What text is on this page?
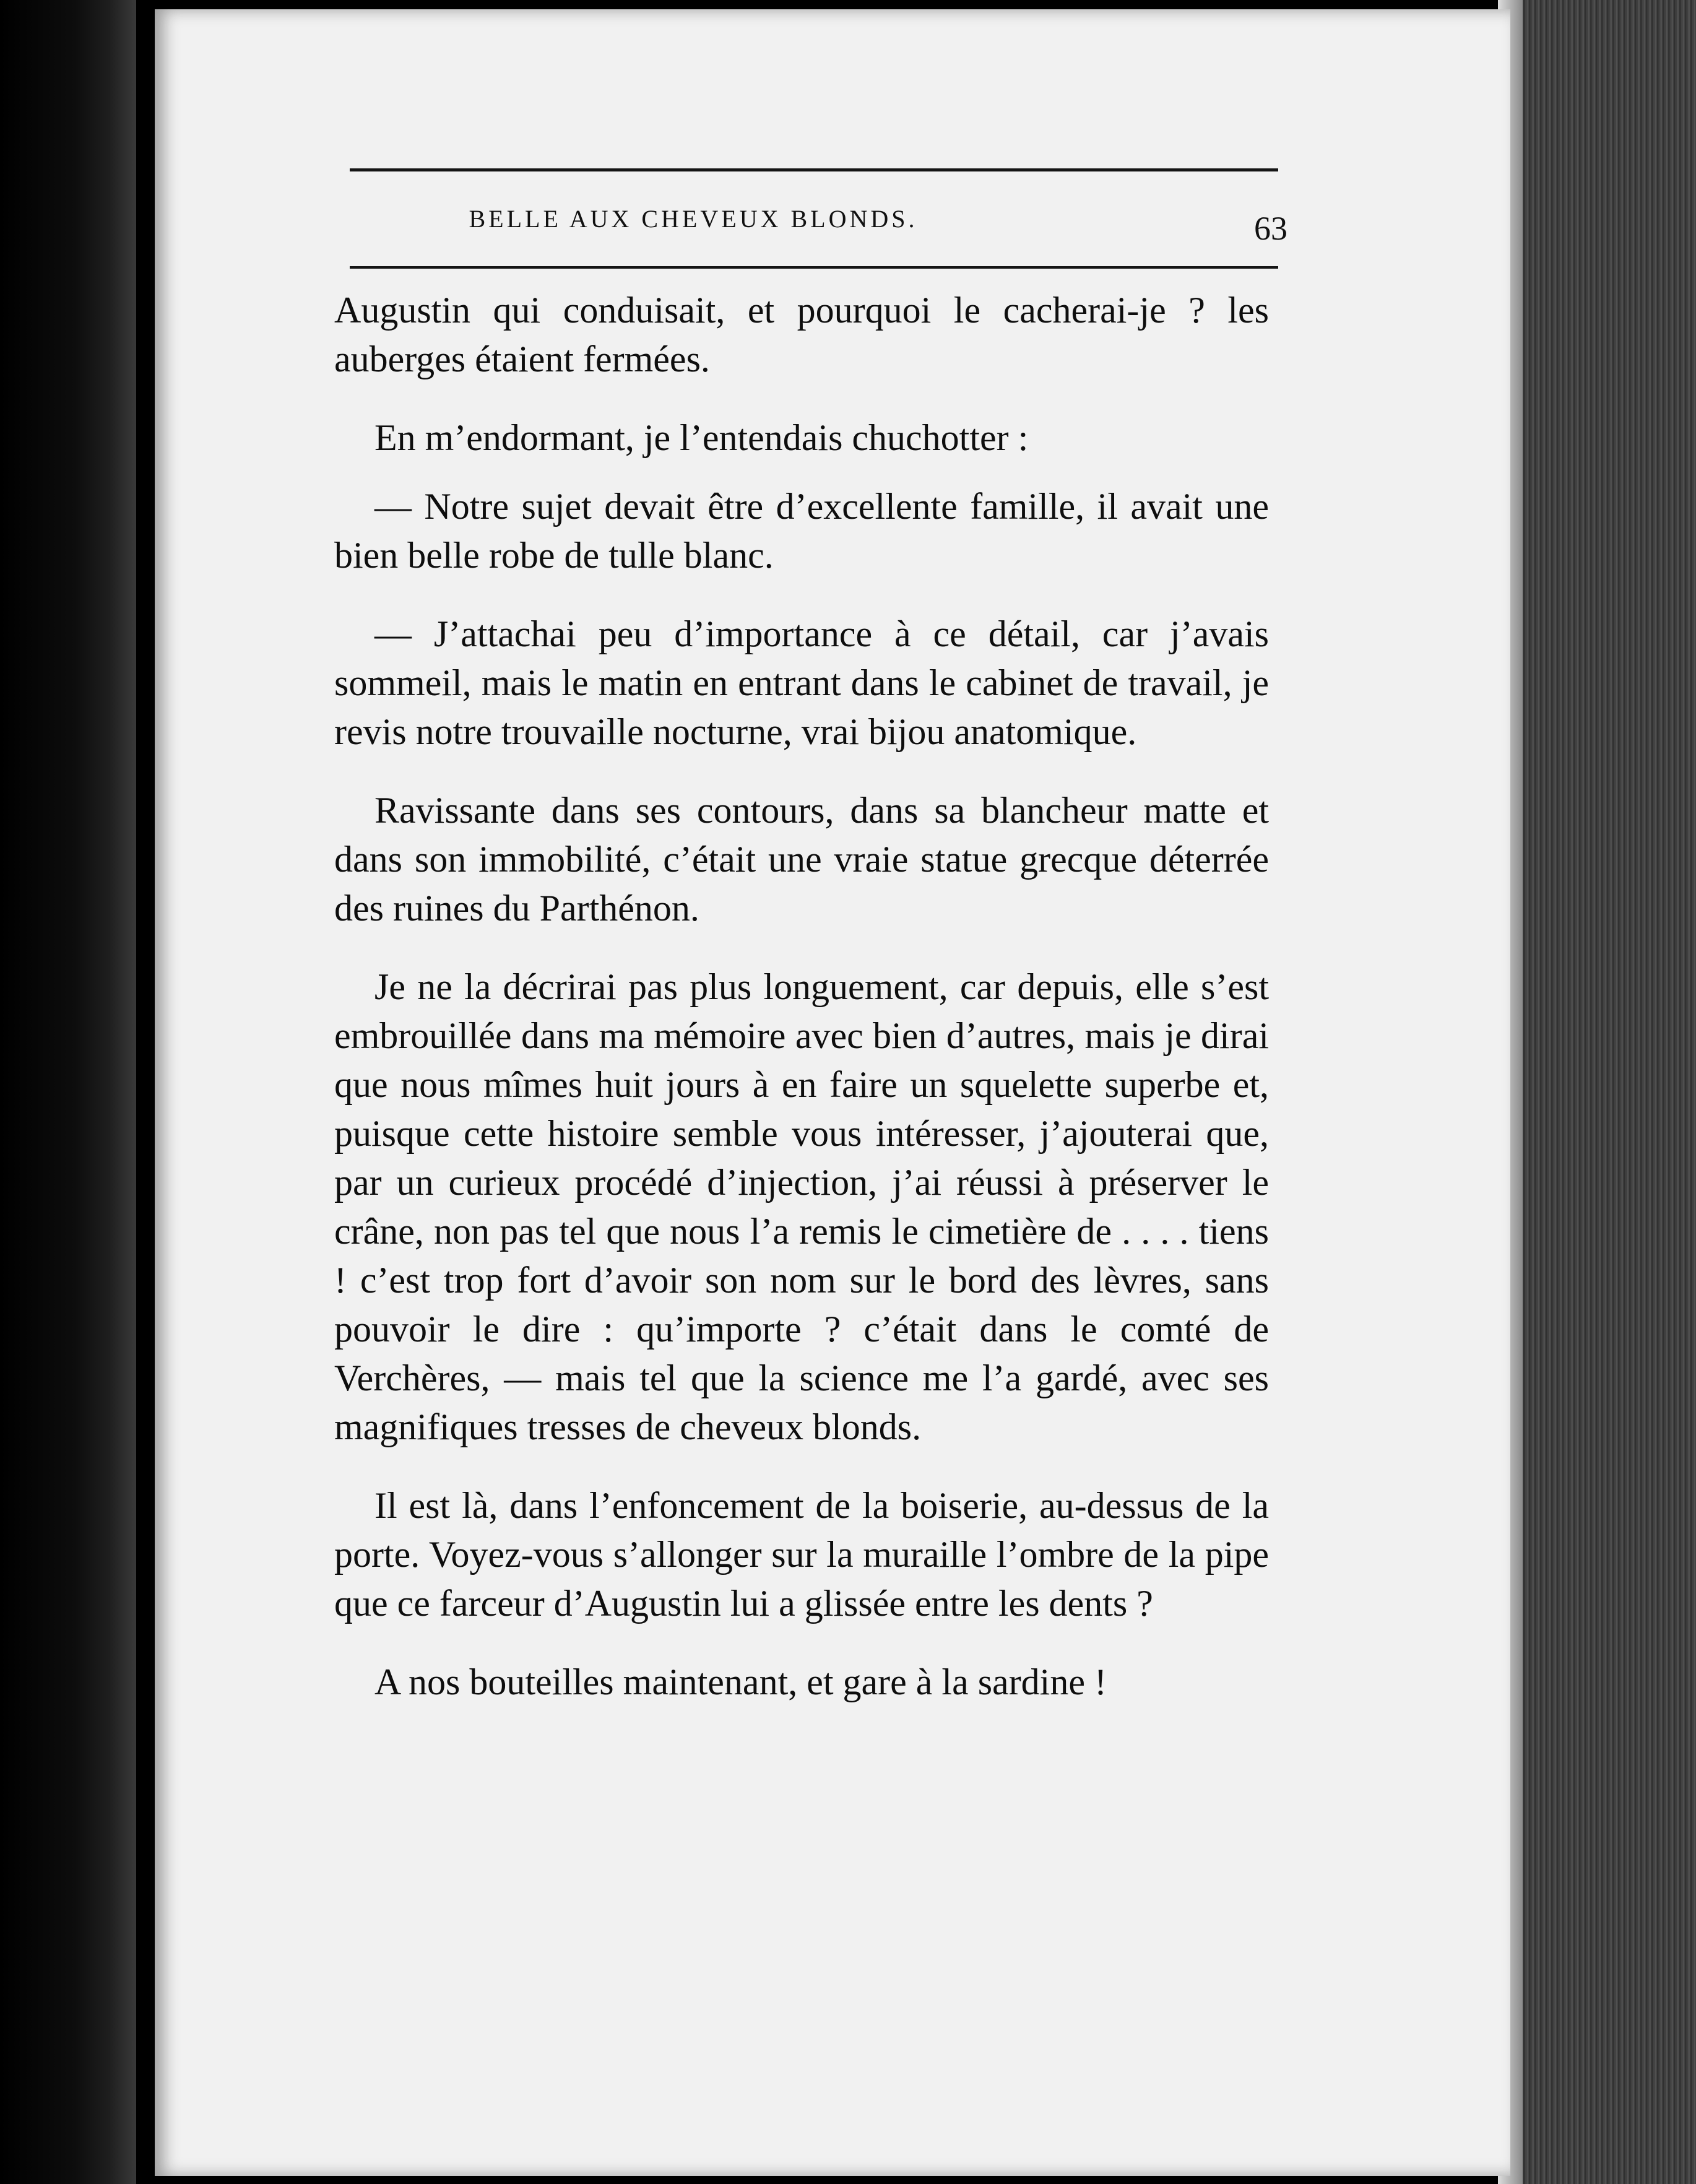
BELLE AUX CHEVEUX BLONDS.	63

Augustin qui conduisait, et pourquoi le cacherai-je ? les auberges étaient fermées.

En m’endormant, je l’entendais chuchotter :

— Notre sujet devait être d’excellente famille, il avait une bien belle robe de tulle blanc.

— J’attachai peu d’importance à ce détail, car j’avais sommeil, mais le matin en entrant dans le cabinet de travail, je revis notre trouvaille nocturne, vrai bijou anatomique.

Ravissante dans ses contours, dans sa blancheur matte et dans son immobilité, c’était une vraie statue grecque déterrée des ruines du Parthénon.

Je ne la décrirai pas plus longuement, car depuis, elle s’est embrouillée dans ma mémoire avec bien d’autres, mais je dirai que nous mîmes huit jours à en faire un squelette superbe et, puisque cette histoire semble vous intéresser, j’ajouterai que, par un curieux procédé d’injection, j’ai réussi à préserver le crâne, non pas tel que nous l’a remis le cimetière de . . . . tiens ! c’est trop fort d’avoir son nom sur le bord des lèvres, sans pouvoir le dire : qu’importe ? c’était dans le comté de Verchères, — mais tel que la science me l’a gardé, avec ses magnifiques tresses de cheveux blonds.

Il est là, dans l’enfoncement de la boiserie, au-dessus de la porte. Voyez-vous s’allonger sur la muraille l’ombre de la pipe que ce farceur d’Augustin lui a glissée entre les dents ?

A nos bouteilles maintenant, et gare à la sardine !
